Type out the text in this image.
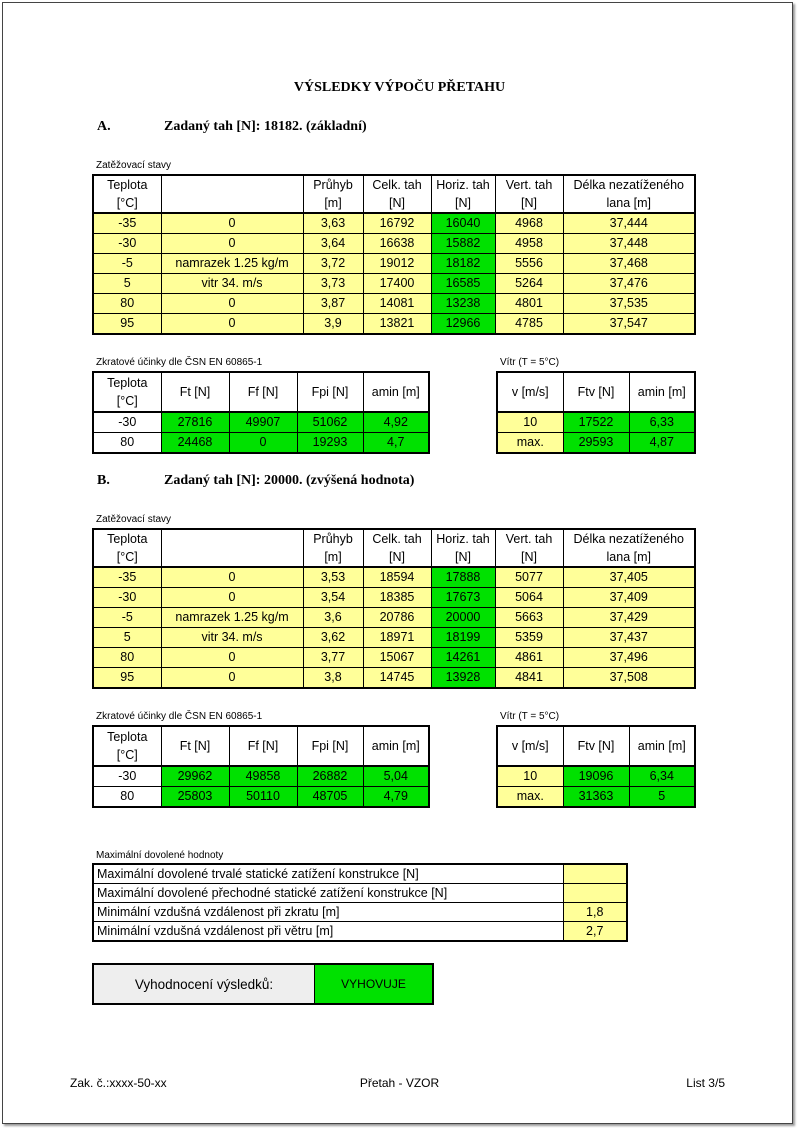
VÝSLEDKY VÝPOČU PŘETAHU
A.	Zadaný tah [N]: 18182. (základní)
Zatěžovací stavy
Teplota		Průhyb	Celk. tah	Horiz. tah	Vert. tah	Délka nezatíženého
[°C]		[m]	[N]	[N]	[N]	lana [m]
-35	0	3,63	16792	16040	4968	37,444
-30	0	3,64	16638	15882	4958	37,448
-5	namrazek 1.25 kg/m	3,72	19012	18182	5556	37,468
5	vitr 34. m/s	3,73	17400	16585	5264	37,476
80	0	3,87	14081	13238	4801	37,535
95	0	3,9	13821	12966	4785	37,547
Zkratové účinky dle ČSN EN 60865-1
Teplota
[°C]	Ft [N]	Ff [N]	Fpi [N]	amin [m]
-30	27816	49907	51062	4,92
80	24468	0	19293	4,7
Vítr (T = 5°C)
v [m/s]	Ftv [N]	amin [m]
10	17522	6,33
max.	29593	4,87
B.	Zadaný tah [N]: 20000. (zvýšená hodnota)
Zatěžovací stavy
Teplota		Průhyb	Celk. tah	Horiz. tah	Vert. tah	Délka nezatíženého
[°C]		[m]	[N]	[N]	[N]	lana [m]
-35	0	3,53	18594	17888	5077	37,405
-30	0	3,54	18385	17673	5064	37,409
-5	namrazek 1.25 kg/m	3,6	20786	20000	5663	37,429
5	vitr 34. m/s	3,62	18971	18199	5359	37,437
80	0	3,77	15067	14261	4861	37,496
95	0	3,8	14745	13928	4841	37,508
Zkratové účinky dle ČSN EN 60865-1
Teplota
[°C]	Ft [N]	Ff [N]	Fpi [N]	amin [m]
-30	29962	49858	26882	5,04
80	25803	50110	48705	4,79
Vítr (T = 5°C)
v [m/s]	Ftv [N]	amin [m]
10	19096	6,34
max.	31363	5
Maximální dovolené hodnoty
Maximální dovolené trvalé statické zatížení konstrukce [N]	
Maximální dovolené přechodné statické zatížení konstrukce [N]	
Minimální vzdušná vzdálenost při zkratu [m]	1,8
Minimální vzdušná vzdálenost při větru [m]	2,7
Vyhodnocení výsledků:	VYHOVUJE
Zak. č.:xxxx-50-xx	Přetah - VZOR	List 3/5
